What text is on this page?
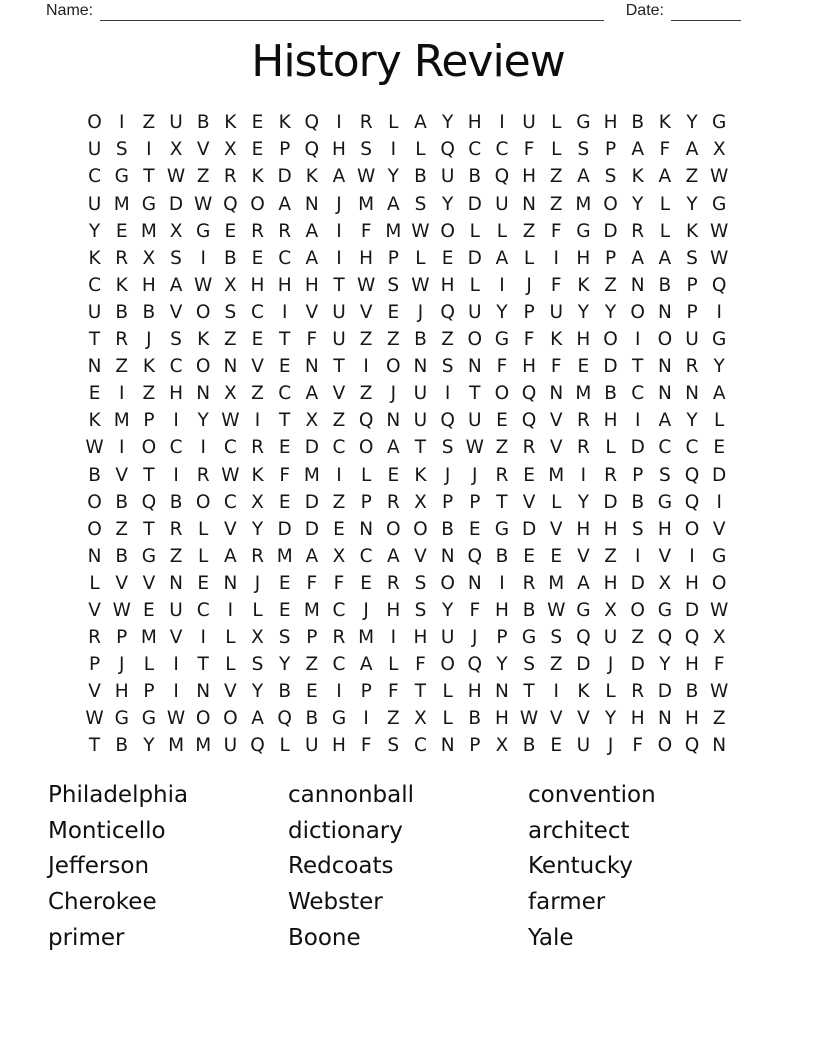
Name:	Date:
History Review
O I Z U B K E K Q I R L A Y H I U L G H B K Y G
U S	I X V X E P Q H S	I	L Q C C F L S P A F A X
C G T W Z R K D K A W Y B U B Q H Z A S K A Z W
U M G D W Q O A N J M A S Y D U N Z M O Y L Y G
Y E M X G E R R A I	F M W O L L Z F G D R L K W
K R X S	I B E C A I H P L E D A L	I H P A A S W
C K H A W X H H H T W S W H L	I	J	F K Z N B P Q
U B B V O S C I V U V E	J Q U Y P U Y Y O N P	I
T R J	S K Z E T F U Z Z B Z O G F K H O I O U G
N Z K C O N V E N T	I O N S N F H F E D T N R Y
E	I Z H N X Z C A V Z J U I	T O Q N M B C N N A
K M P	I	Y W I	T X Z Q N U Q U E Q V R H I A Y L
W I O C I C R E D C O A T S W Z R V R L D C C E
B V T	I R W K F M I	L E K J	J R E M I R P S Q D
O B Q B O C X E D Z P R X P P T V L Y D B G Q I
O Z T R L V Y D D E N O O B E G D V H H S H O V
N B G Z L A R M A X C A V N Q B E E V Z I V I G
L V V N E N J	E F F E R S O N I R M A H D X H O
V W E U C I	L E M C J H S Y F H B W G X O G D W
R P M V I	L X S P R M I H U J	P G S Q U Z Q Q X
P	J	L	I	T L S Y Z C A L F O Q Y S Z D J D Y H F
V H P	I N V Y B E	I	P F T L H N T	I K L R D B W
W G G W O O A Q B G I Z X L B H W V V Y H N H Z
T B Y M M U Q L U H F S C N P X B E U J	F O Q N
Philadelphia
Monticello
Jefferson
Cherokee
primer
cannonball
dictionary
Redcoats
Webster
Boone
convention
architect
Kentucky
farmer
Yale
